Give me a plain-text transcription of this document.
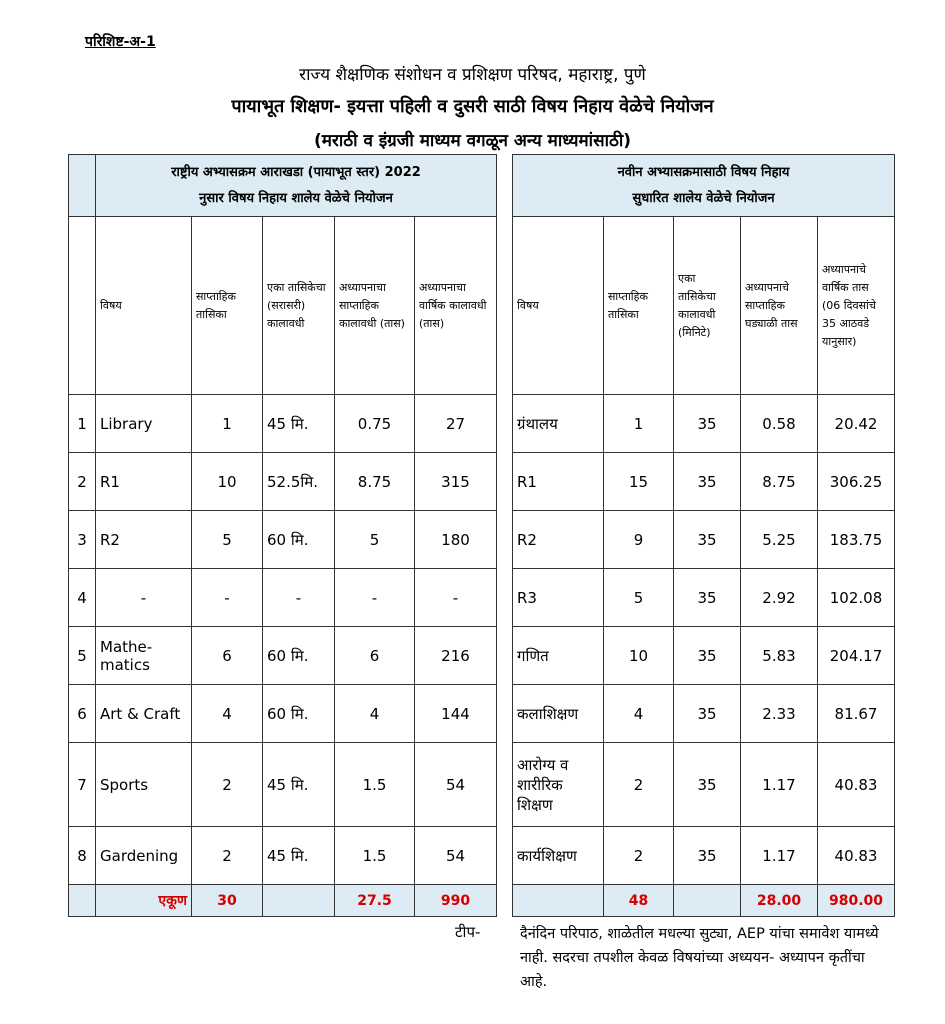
परिशिष्ट-अ-1
राज्य शैक्षणिक संशोधन व प्रशिक्षण परिषद, महाराष्ट्र, पुणे
पायाभूत शिक्षण- इयत्ता पहिली व दुसरी साठी विषय निहाय वेळेचे नियोजन
(मराठी व इंग्रजी माध्यम वगळून अन्य माध्यमांसाठी)

	राष्ट्रीय अभ्यासक्रम आराखडा (पायाभूत स्तर) 2022
नुसार विषय निहाय शालेय वेळेचे नियोजन				

	विषय	साप्ताहिक तासिका	एका तासिकेचा (सरासरी) कालावधी	अध्यापनाचा साप्ताहिक कालावधी (तास)	अध्यापनाचा वार्षिक कालावधी (तास)
1	Library	1	45 मि.	0.75	27
2	R1	10	52.5मि.	8.75	315
3	R2	5	60 मि.	5	180
4	-	-	-	-	-
5	Mathe-matics	6	60 मि.	6	216
6	Art & Craft	4	60 मि.	4	144
7	Sports	2	45 मि.	1.5	54
8	Gardening	2	45 मि.	1.5	54
	एकूण	30		27.5	990
नवीन अभ्यासक्रमासाठी विषय निहाय
सुधारित शालेय वेळेचे नियोजन				

विषय	साप्ताहिक तासिका	एका तासिकेचा कालावधी (मिनिटे)	अध्यापनाचे साप्ताहिक घड्याळी तास	अध्यापनाचे वार्षिक तास (06 दिवसांचे 35 आठवडे यानुसार)
ग्रंथालय	1	35	0.58	20.42
R1	15	35	8.75	306.25
R2	9	35	5.25	183.75
R3	5	35	2.92	102.08
गणित	10	35	5.83	204.17
कलाशिक्षण	4	35	2.33	81.67
आरोग्य व शारीरिक शिक्षण	2	35	1.17	40.83
कार्यशिक्षण	2	35	1.17	40.83
	48		28.00	980.00
टीप-	दैनंदिन परिपाठ, शाळेतील मधल्या सुट्या, AEP यांचा समावेश यामध्ये नाही. सदरचा तपशील केवळ विषयांच्या अध्ययन- अध्यापन कृतींचा आहे.
